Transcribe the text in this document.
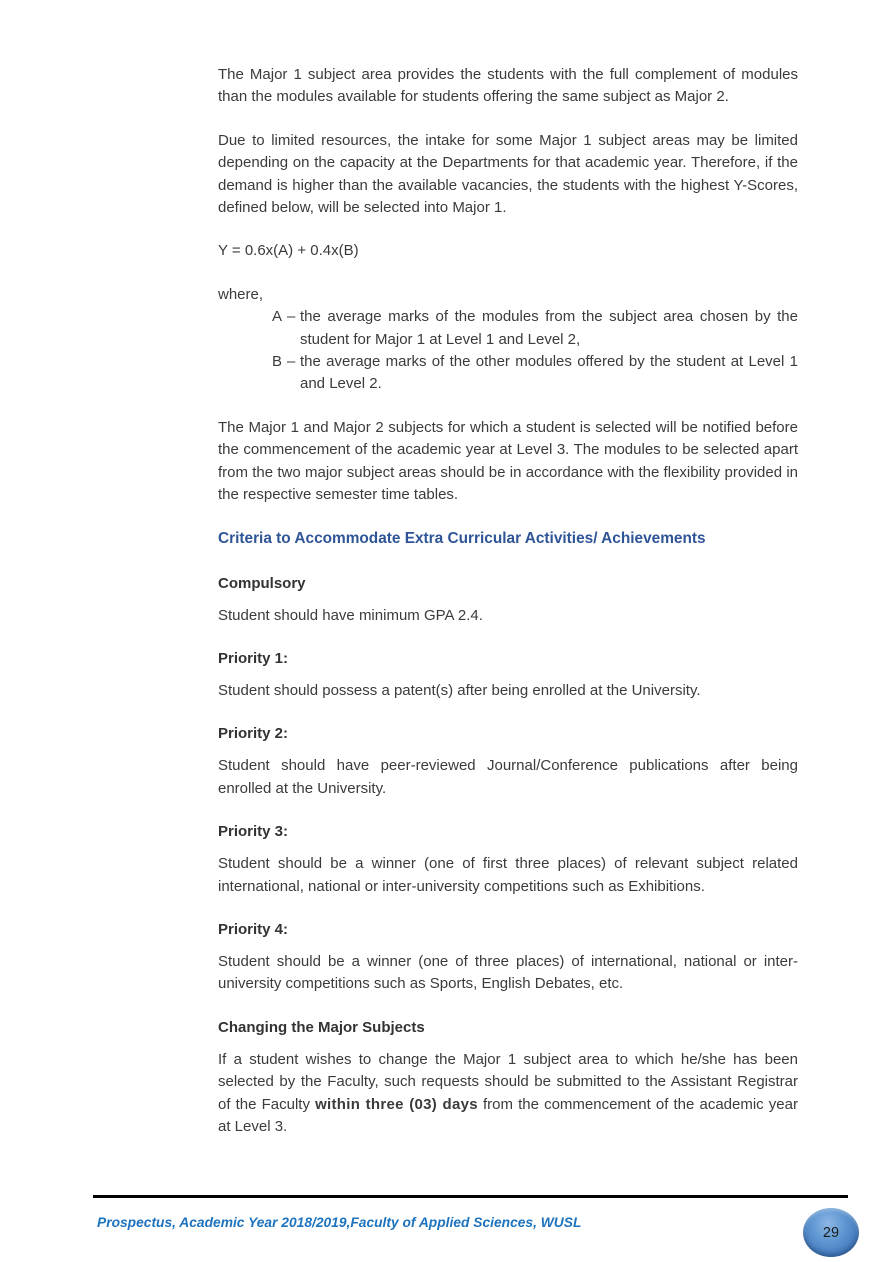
The Major 1 subject area provides the students with the full complement of modules than the modules available for students offering the same subject as Major 2.

Due to limited resources, the intake for some Major 1 subject areas may be limited depending on the capacity at the Departments for that academic year. Therefore, if the demand is higher than the available vacancies, the students with the highest Y-Scores, defined below, will be selected into Major 1.

Y = 0.6x(A) + 0.4x(B)

where,

A – the average marks of the modules from the subject area chosen by the student for Major 1 at Level 1 and Level 2,
B – the average marks of the other modules offered by the student at Level 1 and Level 2.

The Major 1 and Major 2 subjects for which a student is selected will be notified before the commencement of the academic year at Level 3. The modules to be selected apart from the two major subject areas should be in accordance with the flexibility provided in the respective semester time tables.

Criteria to Accommodate Extra Curricular Activities/ Achievements
Compulsory

Student should have minimum GPA 2.4.

Priority 1:

Student should possess a patent(s) after being enrolled at the University.

Priority 2:

Student should have peer-reviewed Journal/Conference publications after being enrolled at the University.

Priority 3:

Student should be a winner (one of first three places) of relevant subject related international, national or inter-university competitions such as Exhibitions.

Priority 4:

Student should be a winner (one of three places) of international, national or inter-university competitions such as Sports, English Debates, etc.

Changing the Major Subjects

If a student wishes to change the Major 1 subject area to which he/she has been selected by the Faculty, such requests should be submitted to the Assistant Registrar of the Faculty within three (03) days from the commencement of the academic year at Level 3.

Prospectus, Academic Year 2018/2019,Faculty of Applied Sciences, WUSL
29
